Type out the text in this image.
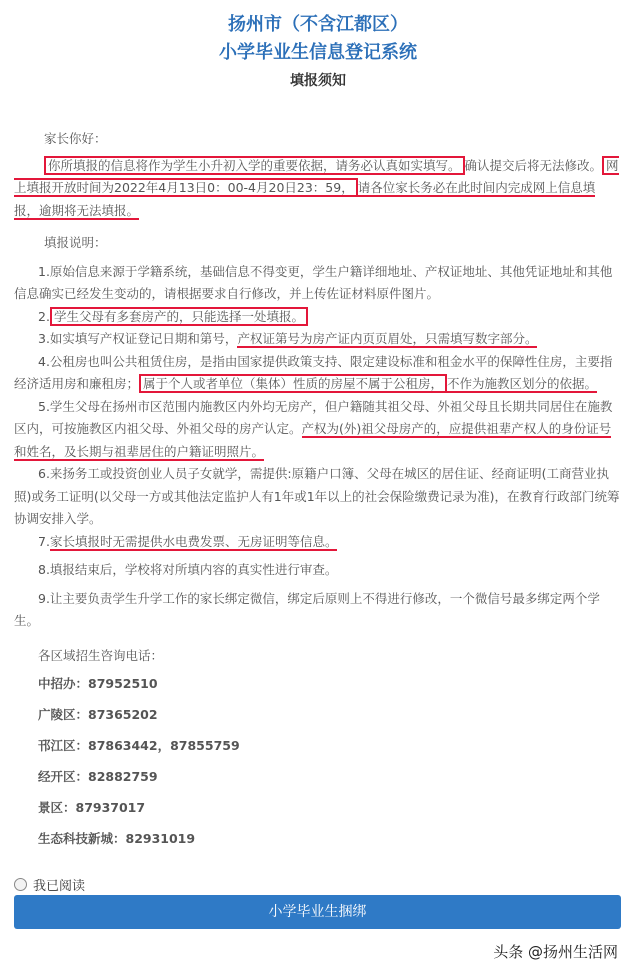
扬州市（不含江都区）
小学毕业生信息登记系统
填报须知

家长你好：

你所填报的信息将作为学生小升初入学的重要依据，请务必认真如实填写。 确认提交后将无法修改。 网上填报开放时间为2022年4月13日0：00-4月20日23：59， 请各位家长务必在此时间内完成网上信息填报，逾期将无法填报。

填报说明：

1.原始信息来源于学籍系统，基础信息不得变更，学生户籍详细地址、产权证地址、其他凭证地址和其他信息确实已经发生变动的，请根据要求自行修改，并上传佐证材料原件图片。

2. 学生父母有多套房产的，只能选择一处填报。

3.如实填写产权证登记日期和第号，产权证第号为房产证内页页眉处，只需填写数字部分。

4.公租房也叫公共租赁住房，是指由国家提供政策支持、限定建设标准和租金水平的保障性住房，主要指经济适用房和廉租房； 属于个人或者单位（集体）性质的房屋不属于公租房， 不作为施教区划分的依据。

5.学生父母在扬州市区范围内施教区内外均无房产，但户籍随其祖父母、外祖父母且长期共同居住在施教区内，可按施教区内祖父母、外祖父母的房产认定。产权为(外)祖父母房产的，应提供祖辈产权人的身份证号和姓名，及长期与祖辈居住的户籍证明照片。

6.来扬务工或投资创业人员子女就学，需提供:原籍户口簿、父母在城区的居住证、经商证明(工商营业执照)或务工证明(以父母一方或其他法定监护人有1年或1年以上的社会保险缴费记录为准)，在教育行政部门统筹协调安排入学。

7.家长填报时无需提供水电费发票、无房证明等信息。

8.填报结束后，学校将对所填内容的真实性进行审查。

9.让主要负责学生升学工作的家长绑定微信，绑定后原则上不得进行修改，一个微信号最多绑定两个学生。

各区域招生咨询电话：
中招办：87952510
广陵区：87365202
邗江区：87863442，87855759
经开区：82882759
景区：87937017
生态科技新城：82931019
我已阅读
小学毕业生捆绑
头条 @扬州生活网
